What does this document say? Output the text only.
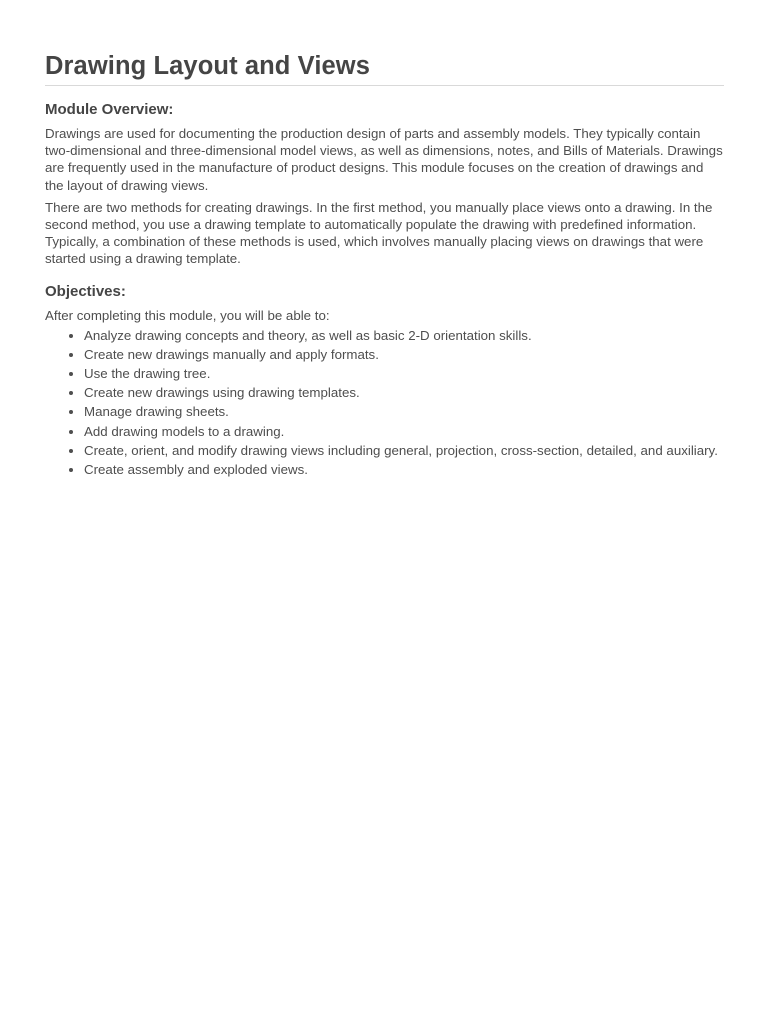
Drawing Layout and Views
Module Overview:

Drawings are used for documenting the production design of parts and assembly models. They typically contain two-dimensional and three-dimensional model views, as well as dimensions, notes, and Bills of Materials. Drawings are frequently used in the manufacture of product designs. This module focuses on the creation of drawings and the layout of drawing views.

There are two methods for creating drawings. In the first method, you manually place views onto a drawing. In the second method, you use a drawing template to automatically populate the drawing with predefined information. Typically, a combination of these methods is used, which involves manually placing views on drawings that were started using a drawing template.

Objectives:

After completing this module, you will be able to:

Analyze drawing concepts and theory, as well as basic 2-D orientation skills.
Create new drawings manually and apply formats.
Use the drawing tree.
Create new drawings using drawing templates.
Manage drawing sheets.
Add drawing models to a drawing.
Create, orient, and modify drawing views including general, projection, cross-section, detailed, and auxiliary.
Create assembly and exploded views.
